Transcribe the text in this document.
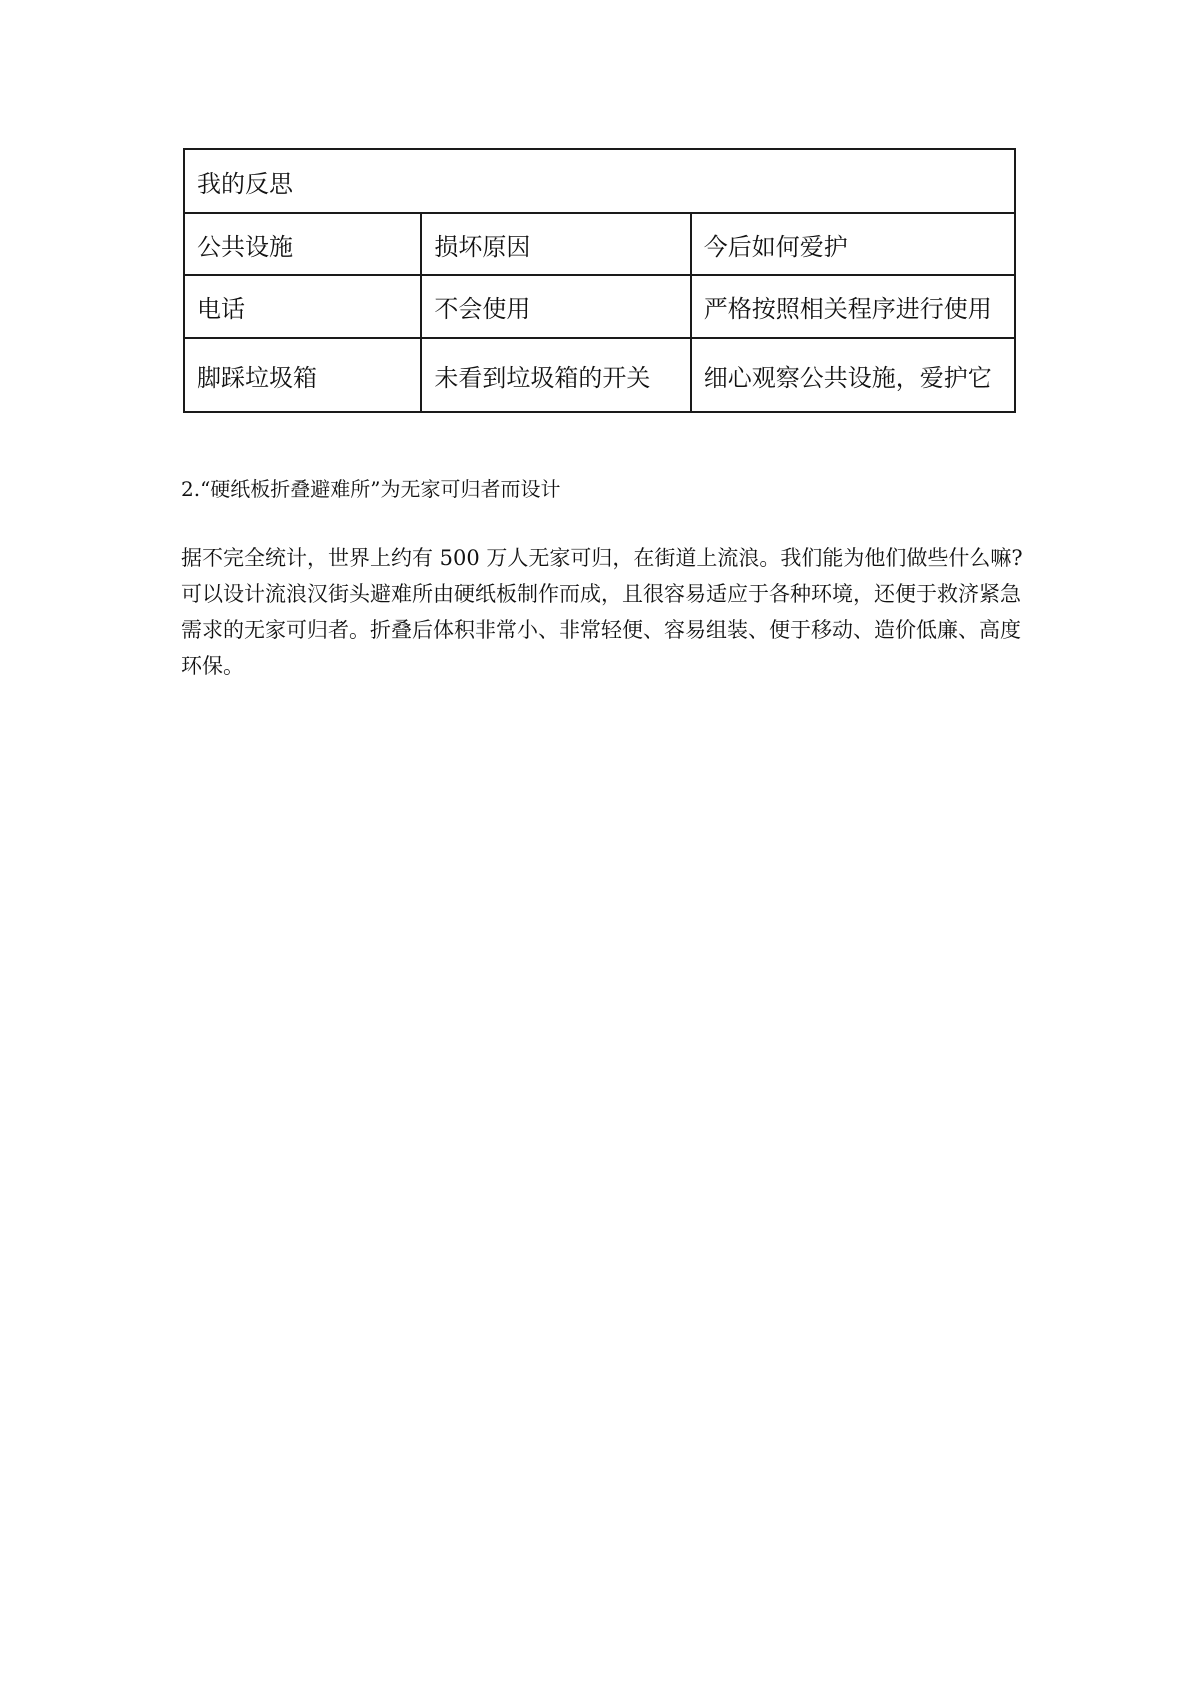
我的反思		
公共设施	损坏原因	今后如何爱护
电话	不会使用	严格按照相关程序进行使用
脚踩垃圾箱	未看到垃圾箱的开关	细心观察公共设施，爱护它
2.“硬纸板折叠避难所”为无家可归者而设计
据不完全统计，世界上约有 500 万人无家可归，在街道上流浪。我们能为他们做些什么嘛?
可以设计流浪汉街头避难所由硬纸板制作而成，且很容易适应于各种环境，还便于救济紧急
需求的无家可归者。折叠后体积非常小、非常轻便、容易组装、便于移动、造价低廉、高度
环保。
